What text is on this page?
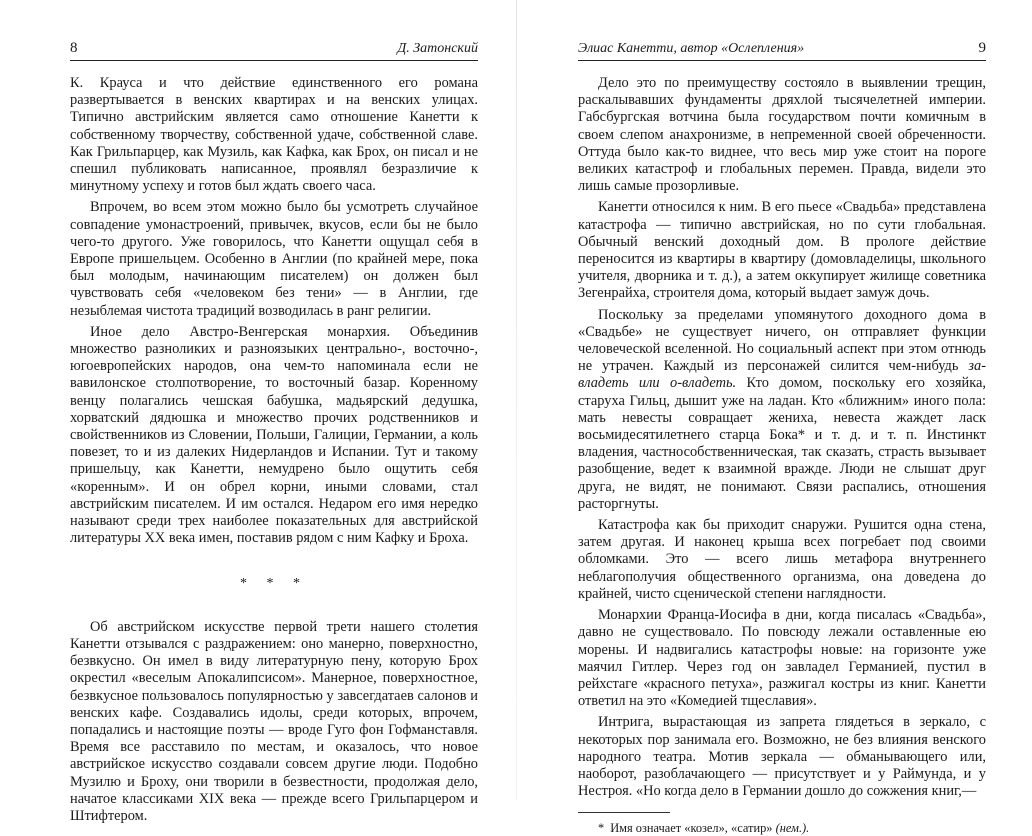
8	Д. Затонский

К. Крауса и что действие единственного его романа развертывается в венских квартирах и на венских улицах. Типично австрийским является само отношение Канетти к собственному творчеству, собственной удаче, собственной славе. Как Грильпарцер, как Музиль, как Кафка, как Брох, он писал и не спешил публиковать написанное, проявлял безразличие к минутному успеху и готов был ждать своего часа.

Впрочем, во всем этом можно было бы усмотреть случайное совпадение умонастроений, привычек, вкусов, если бы не было чего-то другого. Уже говорилось, что Канетти ощущал себя в Европе пришельцем. Особенно в Англии (по крайней мере, пока был молодым, начинающим писателем) он должен был чувствовать себя «человеком без тени» — в Англии, где незыблемая чистота традиций возводилась в ранг религии.

Иное дело Австро-Венгерская монархия. Объединив множество разноликих и разноязыких центрально-, восточно-, югоевропейских народов, она чем-то напоминала если не вавилонское столпотворение, то восточный базар. Коренному венцу полагались чешская бабушка, мадьярский дедушка, хорватский дядюшка и множество прочих родственников и свойственников из Словении, Польши, Галиции, Германии, а коль повезет, то и из далеких Нидерландов и Испании. Тут и такому пришельцу, как Канетти, немудрено было ощутить себя «коренным». И он обрел корни, иными словами, стал австрийским писателем. И им остался. Недаром его имя нередко называют среди трех наиболее показательных для австрийской литературы XX века имен, поставив рядом с ним Кафку и Броха.

* * *

Об австрийском искусстве первой трети нашего столетия Канетти отзывался с раздражением: оно манерно, поверхностно, безвкусно. Он имел в виду литературную пену, которую Брох окрестил «веселым Апокалипсисом». Манерное, поверхностное, безвкусное пользовалось популярностью у завсегдатаев салонов и венских кафе. Создавались идолы, среди которых, впрочем, попадались и настоящие поэты — вроде Гуго фон Гофманставля. Время все расставило по местам, и оказалось, что новое австрийское искусство создавали совсем другие люди. Подобно Музилю и Броху, они творили в безвестности, продолжая дело, начатое классиками XIX века — прежде всего Грильпарцером и Штифтером.

Элиас Канетти, автор «Ослепления»	9

Дело это по преимуществу состояло в выявлении трещин, раскалывавших фундаменты дряхлой тысячелетней империи. Габсбургская вотчина была государством почти комичным в своем слепом анахронизме, в непременной своей обреченности. Оттуда было как-то виднее, что весь мир уже стоит на пороге великих катастроф и глобальных перемен. Правда, видели это лишь самые прозорливые.

Канетти относился к ним. В его пьесе «Свадьба» представлена катастрофа — типично австрийская, но по сути глобальная. Обычный венский доходный дом. В прологе действие переносится из квартиры в квартиру (домовладелицы, школьного учителя, дворника и т. д.), а затем оккупирует жилище советника Зегенрайха, строителя дома, который выдает замуж дочь.

Поскольку за пределами упомянутого доходного дома в «Свадьбе» не существует ничего, он отправляет функции человеческой вселенной. Но социальный аспект при этом отнюдь не утрачен. Каждый из персонажей силится чем-нибудь за-владеть или о-владеть. Кто домом, поскольку его хозяйка, старуха Гильц, дышит уже на ладан. Кто «ближним» иного пола: мать невесты совращает жениха, невеста жаждет ласк восьмидесятилетнего старца Бока* и т. д. и т. п. Инстинкт владения, частнособственническая, так сказать, страсть вызывает разобщение, ведет к взаимной вражде. Люди не слышат друг друга, не видят, не понимают. Связи распались, отношения расторгнуты.

Катастрофа как бы приходит снаружи. Рушится одна стена, затем другая. И наконец крыша всех погребает под своими обломками. Это — всего лишь метафора внутреннего неблагополучия общественного организма, она доведена до крайней, чисто сценической степени наглядности.

Монархии Франца-Иосифа в дни, когда писалась «Свадьба», давно не существовало. По повсюду лежали оставленные ею морены. И надвигались катастрофы новые: на горизонте уже маячил Гитлер. Через год он завладел Германией, пустил в рейхстаге «красного петуха», разжигал костры из книг. Канетти ответил на это «Комедией тщеславия».

Интрига, вырастающая из запрета глядеться в зеркало, с некоторых пор занимала его. Возможно, не без влияния венского народного театра. Мотив зеркала — обманывающего или, наоборот, разоблачающего — присутствует и у Раймунда, и у Нестроя. «Но когда дело в Германии дошло до сожжения книг,—

* Имя означает «козел», «сатир» (нем.).
